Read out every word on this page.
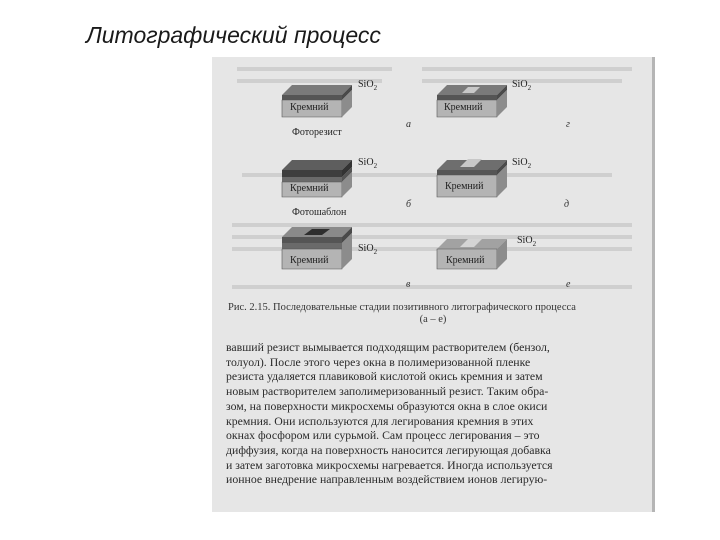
Литографический процесс
Кремний	Кремний
Кремний	Кремний
Кремний	Кремний
SiO$_2$	SiO$_2$
SiO$_2$	SiO$_2$
SiO$_2$
SiO$_2$
Фоторезист
Фотошаблон
а	г
б	д
в	е
Рис. 2.15. Последовательные стадии позитивного литографического процесса
(а – е)
вавший резист вымывается подходящим растворителем (бензол,
толуол). После этого через окна в полимеризованной пленке
резиста удаляется плавиковой кислотой окись кремния и затем
новым растворителем заполимеризованный резист. Таким обра-
зом, на поверхности микросхемы образуются окна в слое окиси
кремния. Они используются для легирования кремния в этих
окнах фосфором или сурьмой. Сам процесс легирования – это
диффузия, когда на поверхность наносится легирующая добавка
и затем заготовка микросхемы нагревается. Иногда используется
ионное внедрение направленным воздействием ионов легирую-
